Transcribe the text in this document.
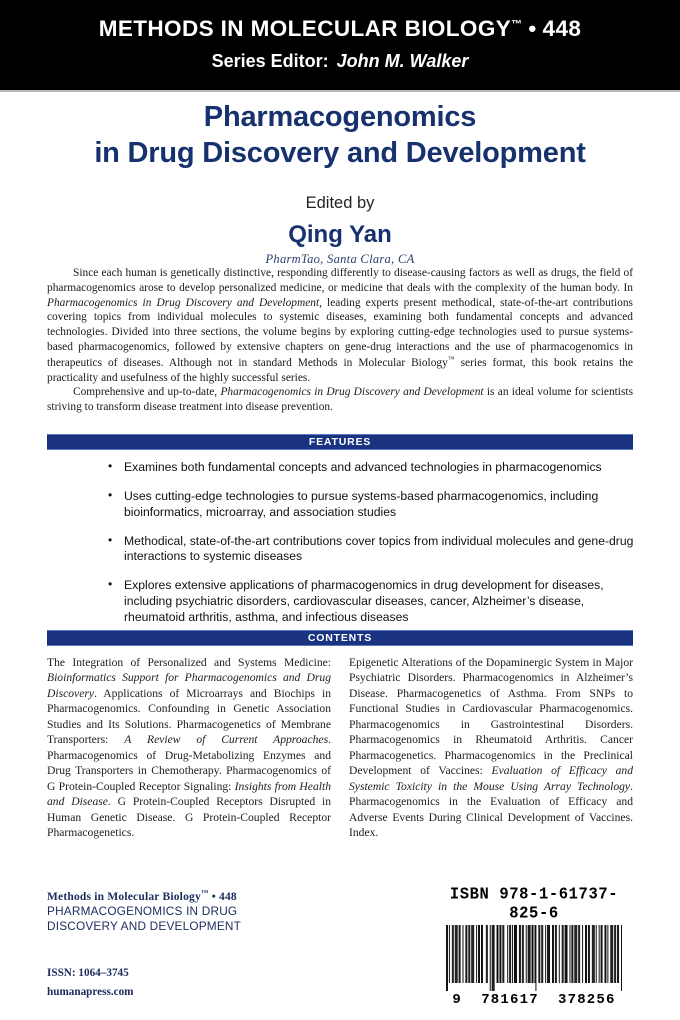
METHODS IN MOLECULAR BIOLOGY™ • 448
Series Editor: John M. Walker
Pharmacogenomics
in Drug Discovery and Development
Edited by
Qing Yan
PharmTao, Santa Clara, CA

Since each human is genetically distinctive, responding differently to disease-causing factors as well as drugs, the field of pharmacogenomics arose to develop personalized medicine, or medicine that deals with the complexity of the human body. In Pharmacogenomics in Drug Discovery and Development, leading experts present methodical, state-of-the-art contributions covering topics from individual molecules to systemic diseases, examining both fundamental concepts and advanced technologies. Divided into three sections, the volume begins by exploring cutting-edge technologies used to pursue systems-based pharmacogenomics, followed by extensive chapters on gene-drug interactions and the use of pharmacogenomics in therapeutics of diseases. Although not in standard Methods in Molecular Biology™ series format, this book retains the practicality and usefulness of the highly successful series.

Comprehensive and up-to-date, Pharmacogenomics in Drug Discovery and Development is an ideal volume for scientists striving to transform disease treatment into disease prevention.

FEATURES
• Examines both fundamental concepts and advanced technologies in pharmacogenomics
• Uses cutting-edge technologies to pursue systems-based pharmacogenomics, including bioinformatics, microarray, and association studies
• Methodical, state-of-the-art contributions cover topics from individual molecules and gene-drug interactions to systemic diseases
• Explores extensive applications of pharmacogenomics in drug development for diseases, including psychiatric disorders, cardiovascular diseases, cancer, Alzheimer’s disease, rheumatoid arthritis, asthma, and infectious diseases
CONTENTS
The Integration of Personalized and Systems Medicine: Bioinformatics Support for Pharmacogenomics and Drug Discovery. Applications of Microarrays and Biochips in Pharmacogenomics. Confounding in Genetic Association Studies and Its Solutions. Pharmacogenetics of Membrane Transporters: A Review of Current Approaches. Pharmacogenomics of Drug-Metabolizing Enzymes and Drug Transporters in Chemotherapy. Pharmacogenomics of G Protein-Coupled Receptor Signaling: Insights from Health and Disease. G Protein-Coupled Receptors Disrupted in Human Genetic Disease. G Protein-Coupled Receptor Pharmacogenetics.
Epigenetic Alterations of the Dopaminergic System in Major Psychiatric Disorders. Pharmacogenomics in Alzheimer’s Disease. Pharmacogenetics of Asthma. From SNPs to Functional Studies in Cardiovascular Pharmacogenomics. Pharmacogenomics in Gastrointestinal Disorders. Pharmacogenomics in Rheumatoid Arthritis. Cancer Pharmacogenetics. Pharmacogenomics in the Preclinical Development of Vaccines: Evaluation of Efficacy and Systemic Toxicity in the Mouse Using Array Technology. Pharmacogenomics in the Evaluation of Efficacy and Adverse Events During Clinical Development of Vaccines. Index.
Methods in Molecular Biology™ • 448
PHARMACOGENOMICS IN DRUG
DISCOVERY AND DEVELOPMENT
ISSN: 1064–3745
humanapress.com
ISBN 978-1-61737-825-6
9 781617 378256
